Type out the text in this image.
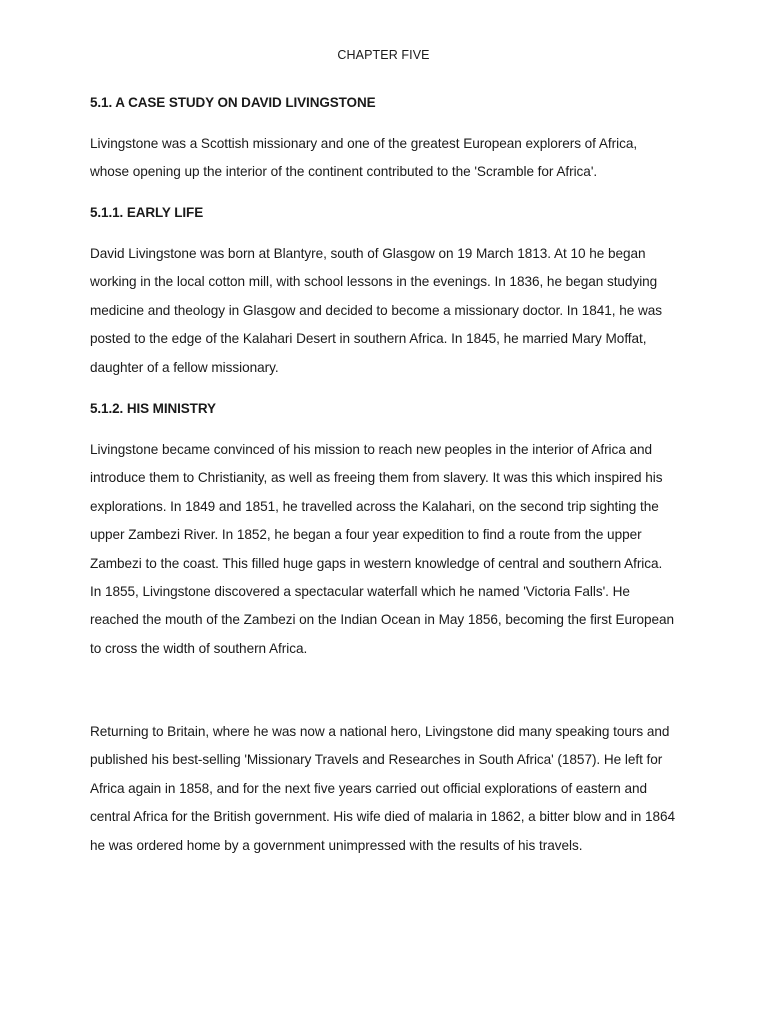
CHAPTER FIVE
5.1. A CASE STUDY ON DAVID LIVINGSTONE

Livingstone was a Scottish missionary and one of the greatest European explorers of Africa, whose opening up the interior of the continent contributed to the 'Scramble for Africa'.

5.1.1. EARLY LIFE

David Livingstone was born at Blantyre, south of Glasgow on 19 March 1813. At 10 he began working in the local cotton mill, with school lessons in the evenings. In 1836, he began studying medicine and theology in Glasgow and decided to become a missionary doctor. In 1841, he was posted to the edge of the Kalahari Desert in southern Africa. In 1845, he married Mary Moffat, daughter of a fellow missionary.

5.1.2. HIS MINISTRY

Livingstone became convinced of his mission to reach new peoples in the interior of Africa and introduce them to Christianity, as well as freeing them from slavery. It was this which inspired his explorations. In 1849 and 1851, he travelled across the Kalahari, on the second trip sighting the upper Zambezi River. In 1852, he began a four year expedition to find a route from the upper Zambezi to the coast. This filled huge gaps in western knowledge of central and southern Africa. In 1855, Livingstone discovered a spectacular waterfall which he named 'Victoria Falls'. He reached the mouth of the Zambezi on the Indian Ocean in May 1856, becoming the first European to cross the width of southern Africa.

Returning to Britain, where he was now a national hero, Livingstone did many speaking tours and published his best-selling 'Missionary Travels and Researches in South Africa' (1857). He left for Africa again in 1858, and for the next five years carried out official explorations of eastern and central Africa for the British government. His wife died of malaria in 1862, a bitter blow and in 1864 he was ordered home by a government unimpressed with the results of his travels.
